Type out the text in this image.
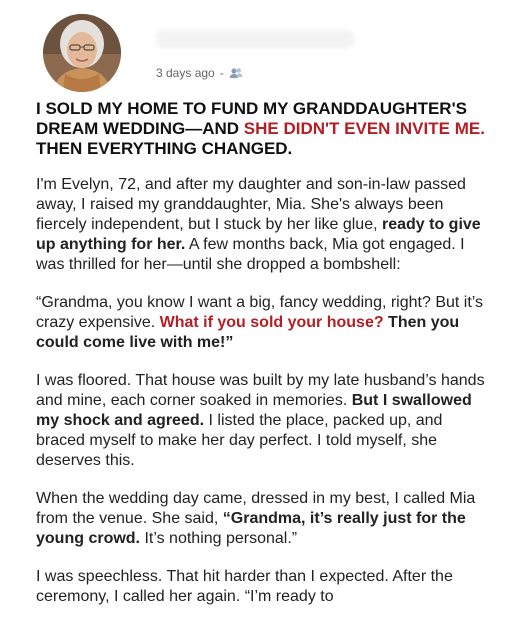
3 days ago -
I SOLD MY HOME TO FUND MY GRANDDAUGHTER'S DREAM WEDDING—AND SHE DIDN'T EVEN INVITE ME. THEN EVERYTHING CHANGED.

I'm Evelyn, 72, and after my daughter and son-in-law passed away, I raised my granddaughter, Mia. She's always been fiercely independent, but I stuck by her like glue, ready to give up anything for her. A few months back, Mia got engaged. I was thrilled for her—until she dropped a bombshell:

“Grandma, you know I want a big, fancy wedding, right? But it’s crazy expensive. What if you sold your house? Then you could come live with me!”

I was floored. That house was built by my late husband’s hands and mine, each corner soaked in memories. But I swallowed my shock and agreed. I listed the place, packed up, and braced myself to make her day perfect. I told myself, she deserves this.

When the wedding day came, dressed in my best, I called Mia from the venue. She said, “Grandma, it’s really just for the young crowd. It’s nothing personal.”

I was speechless. That hit harder than I expected. After the ceremony, I called her again. “I’m ready to
